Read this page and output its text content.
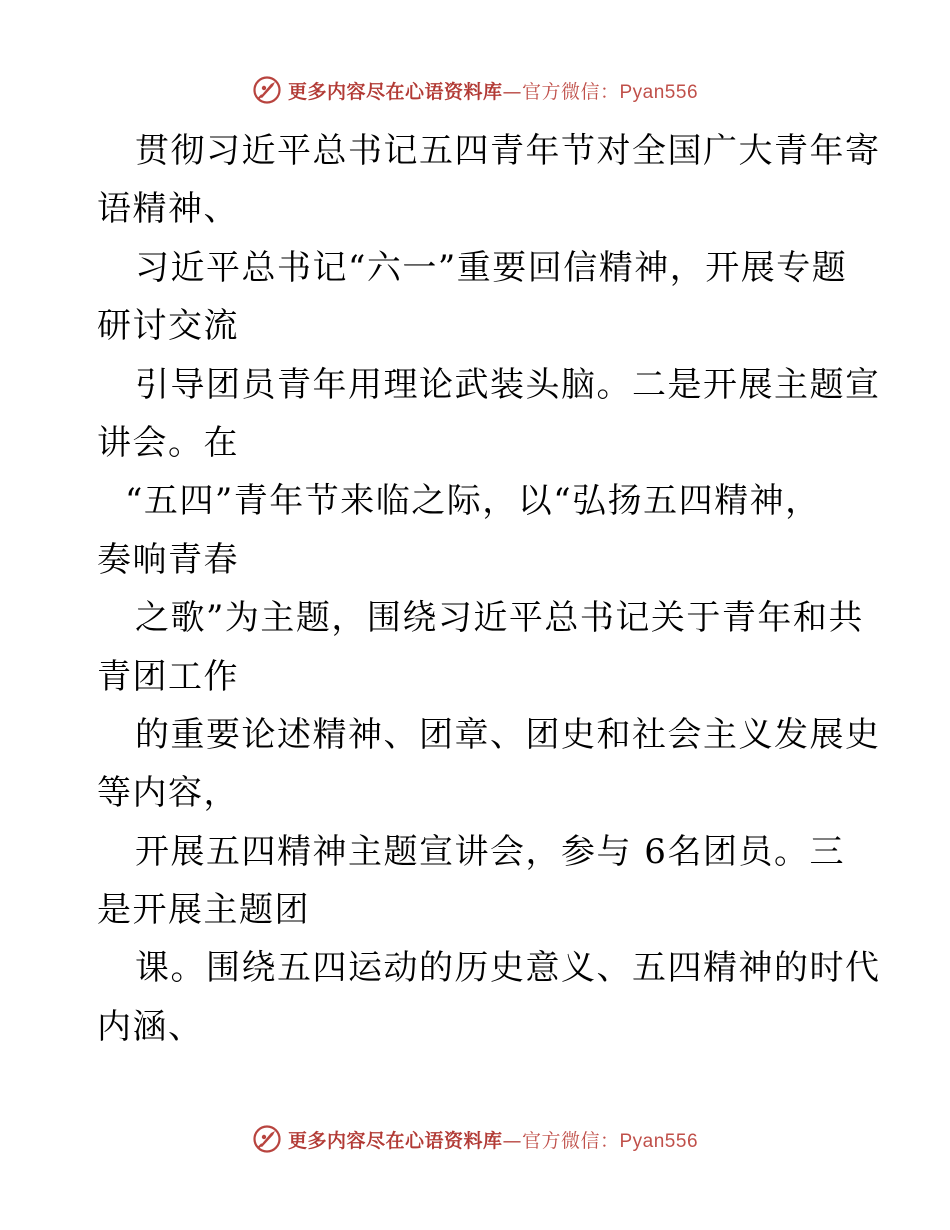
更多内容尽在心语资料库—官方微信：Pyan556
贯彻习近平总书记五四青年节对全国广大青年寄
语精神、
习近平总书记“六一”重要回信精神，开展专题
研讨交流
引导团员青年用理论武装头脑。二是开展主题宣
讲会。在
“五四”青年节来临之际，以“弘扬五四精神，
奏响青春
之歌”为主题，围绕习近平总书记关于青年和共
青团工作
的重要论述精神、团章、团史和社会主义发展史
等内容，
开展五四精神主题宣讲会，参与 6名团员。三
是开展主题团
课。围绕五四运动的历史意义、五四精神的时代
内涵、
更多内容尽在心语资料库—官方微信：Pyan556
